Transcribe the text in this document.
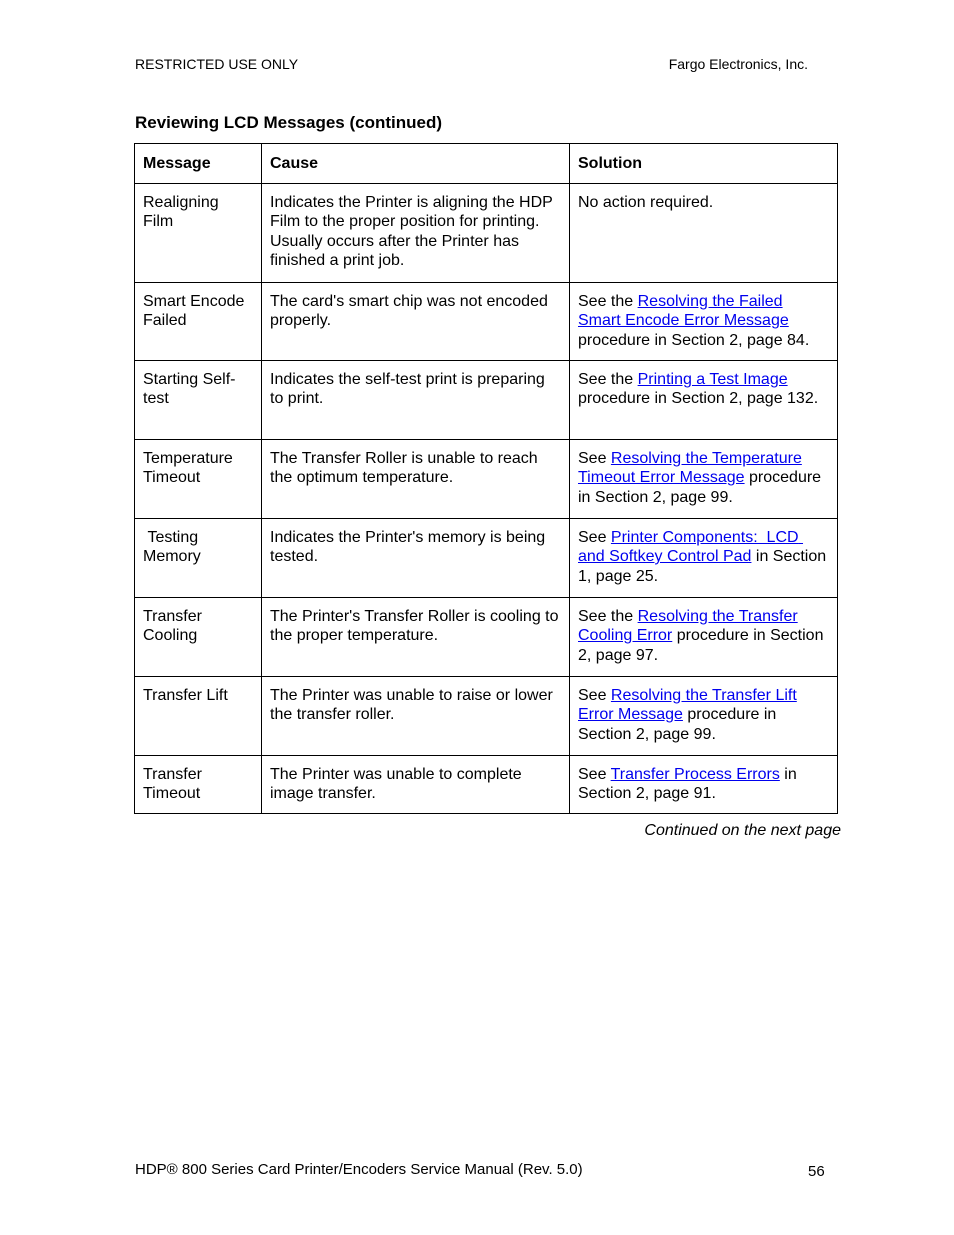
RESTRICTED USE ONLY	Fargo Electronics, Inc.
Reviewing LCD Messages (continued)
Message	Cause	Solution
Realigning Film	Indicates the Printer is aligning the HDP Film to the proper position for printing. Usually occurs after the Printer has finished a print job.	No action required.
Smart Encode Failed	The card's smart chip was not encoded properly.	See the Resolving the Failed Smart Encode Error Message procedure in Section 2, page 84.
Starting Self-test	Indicates the self-test print is preparing to print.	See the Printing a Test Image procedure in Section 2, page 132.
Temperature Timeout	The Transfer Roller is unable to reach the optimum temperature.	See Resolving the Temperature Timeout Error Message procedure in Section 2, page 99.
Testing Memory	Indicates the Printer's memory is being tested.	See Printer Components:  LCD and Softkey Control Pad in Section 1, page 25.
Transfer Cooling	The Printer's Transfer Roller is cooling to the proper temperature.	See the Resolving the Transfer Cooling Error procedure in Section 2, page 97.
Transfer Lift	The Printer was unable to raise or lower the transfer roller.	See Resolving the Transfer Lift Error Message procedure in Section 2, page 99.
Transfer Timeout	The Printer was unable to complete image transfer.	See Transfer Process Errors in Section 2, page 91.
Continued on the next page
HDP® 800 Series Card Printer/Encoders Service Manual (Rev. 5.0)	56
